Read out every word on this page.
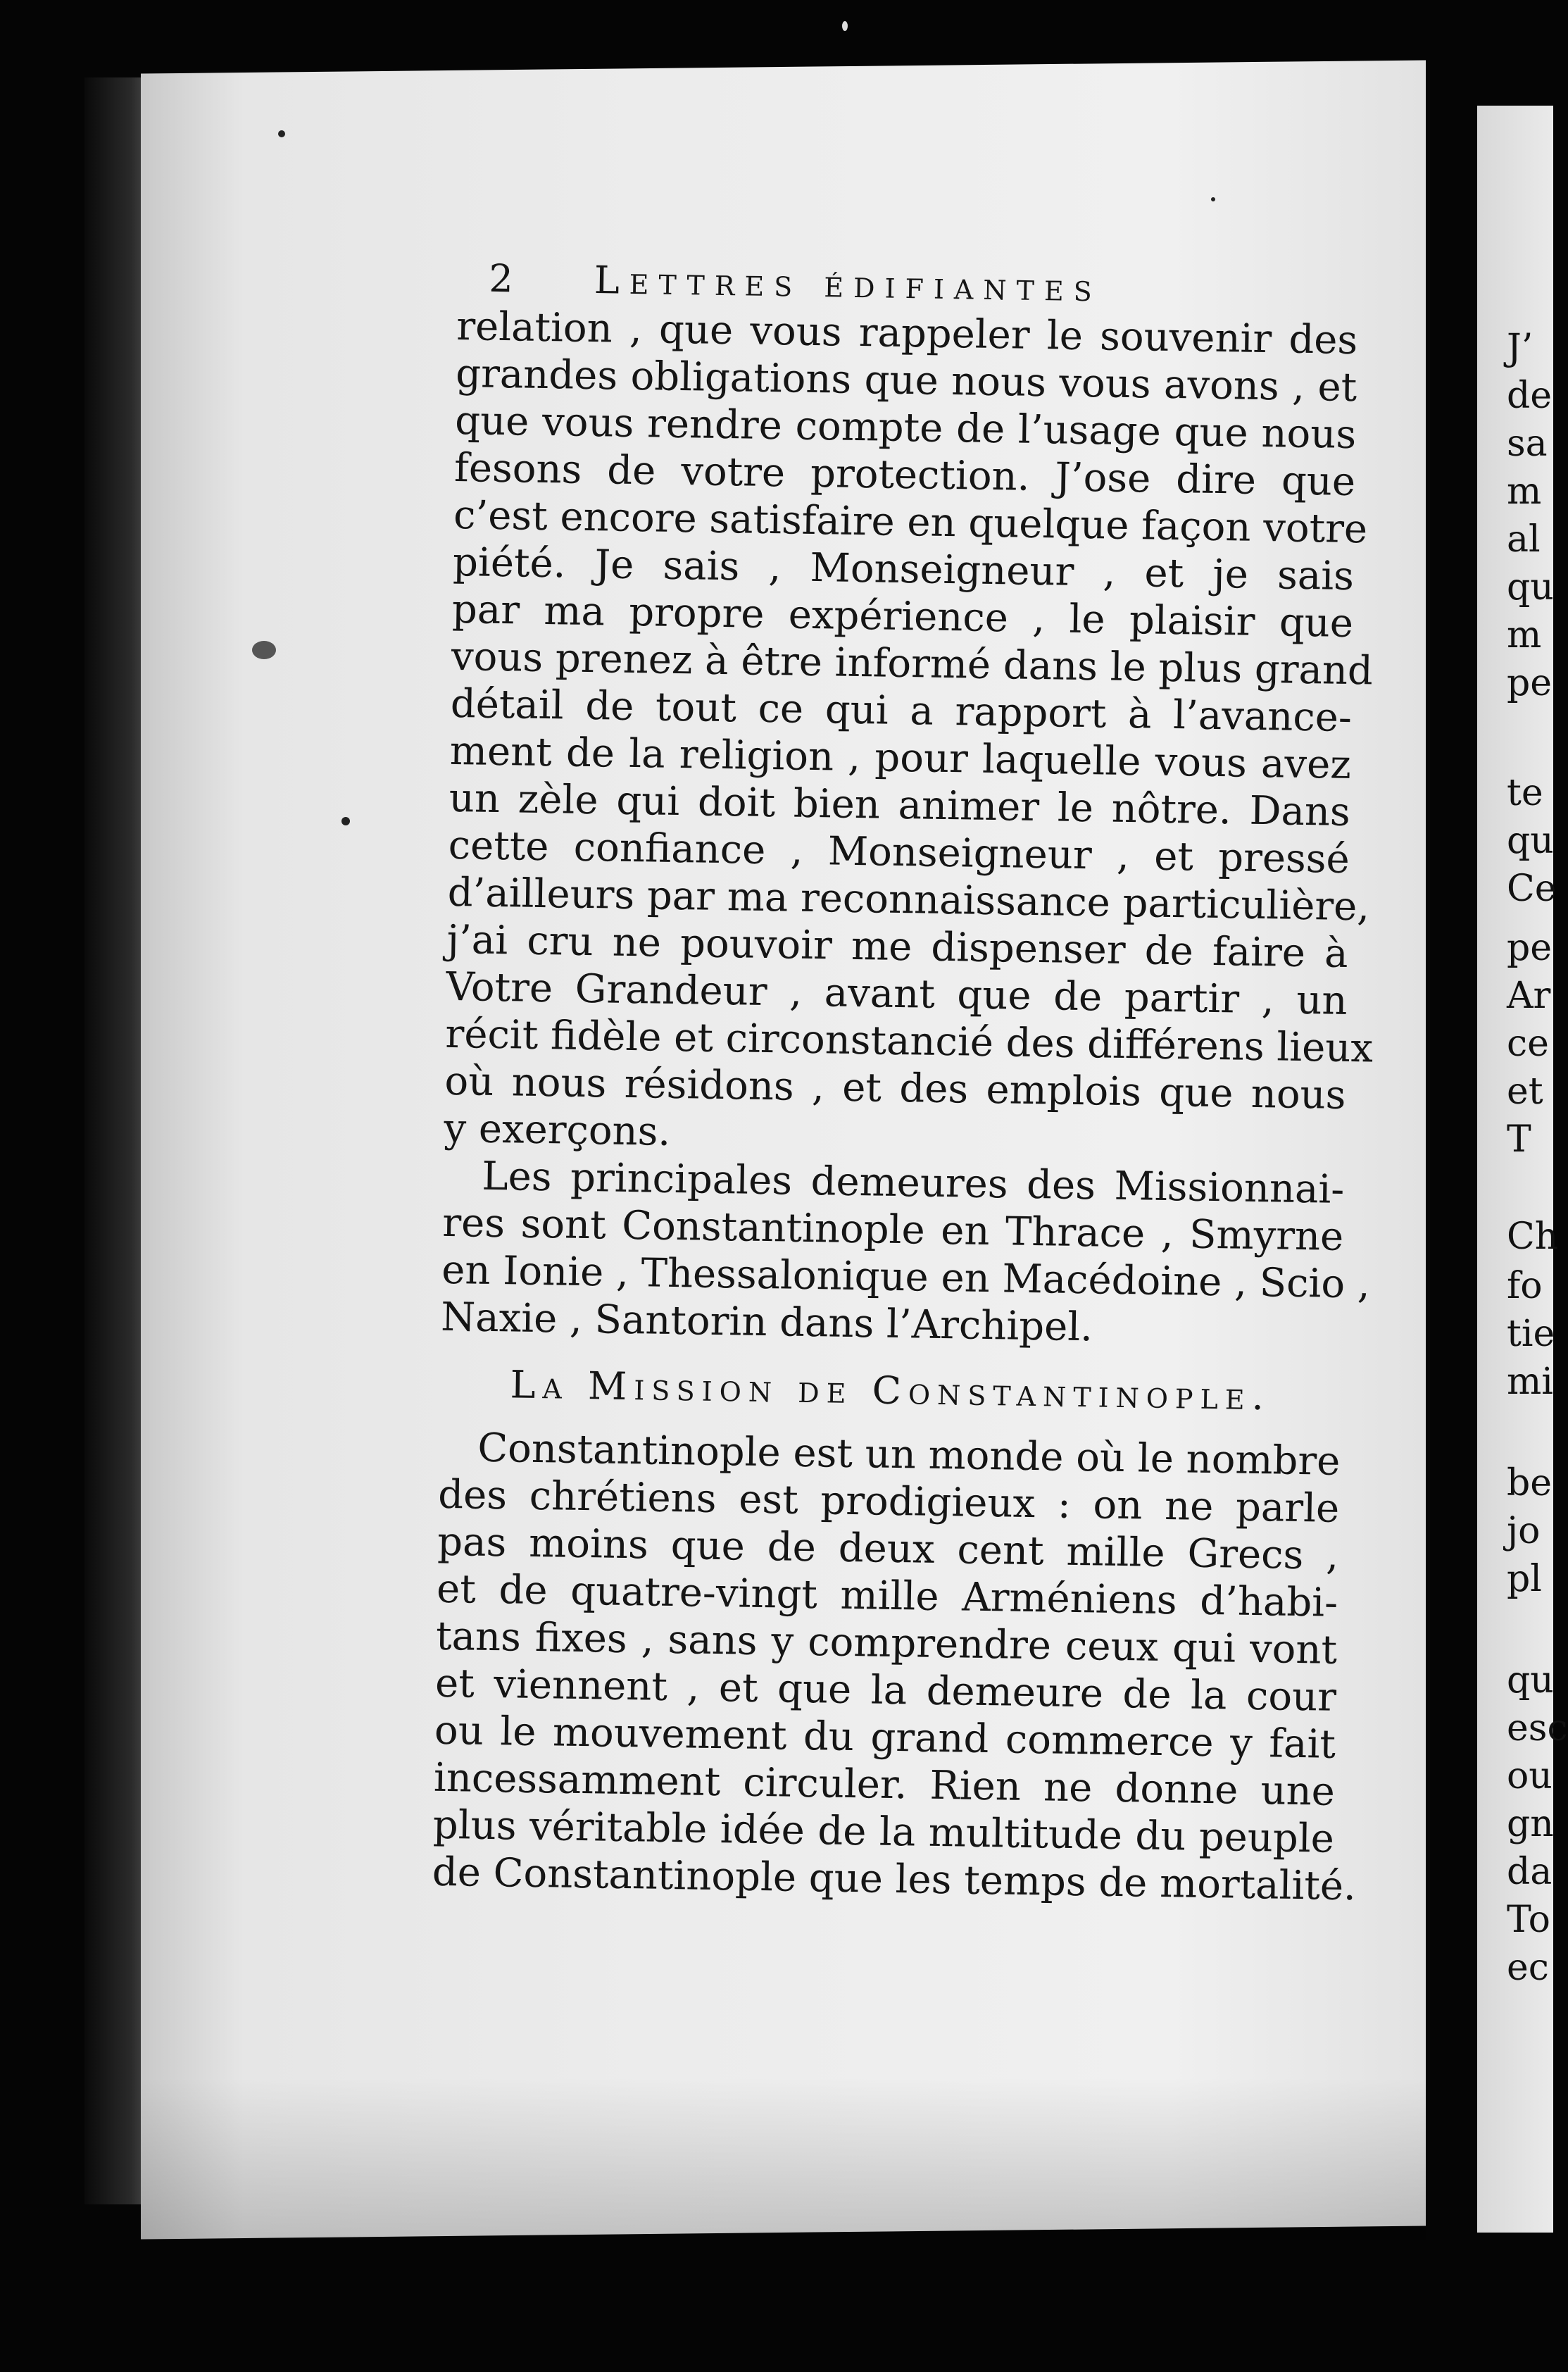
J’
de
sa
m
al
qu
m
pe
te
qu
Ce
pe
Ar
ce
et
T
Ch
fo
tie
mi
be
jo
pl
qu
esc
ou
gn
da
To
ec
2 Lettres édifiantes
relation , que vous rappeler le souvenir des
grandes obligations que nous vous avons , et
que vous rendre compte de l’usage que nous
fesons de votre protection. J’ose dire que
c’est encore satisfaire en quelque façon votre
piété. Je sais , Monseigneur , et je sais
par ma propre expérience , le plaisir que
vous prenez à être informé dans le plus grand
détail de tout ce qui a rapport à l’avance-
ment de la religion , pour laquelle vous avez
un zèle qui doit bien animer le nôtre. Dans
cette confiance , Monseigneur , et pressé
d’ailleurs par ma reconnaissance particulière,
j’ai cru ne pouvoir me dispenser de faire à
Votre Grandeur , avant que de partir , un
récit fidèle et circonstancié des différens lieux
où nous résidons , et des emplois que nous
y exerçons.
Les principales demeures des Missionnai-
res sont Constantinople en Thrace , Smyrne
en Ionie , Thessalonique en Macédoine , Scio ,
Naxie , Santorin dans l’Archipel.
La Mission de Constantinople.
Constantinople est un monde où le nombre
des chrétiens est prodigieux : on ne parle
pas moins que de deux cent mille Grecs ,
et de quatre-vingt mille Arméniens d’habi-
tans fixes , sans y comprendre ceux qui vont
et viennent , et que la demeure de la cour
ou le mouvement du grand commerce y fait
incessamment circuler. Rien ne donne une
plus véritable idée de la multitude du peuple
de Constantinople que les temps de mortalité.
